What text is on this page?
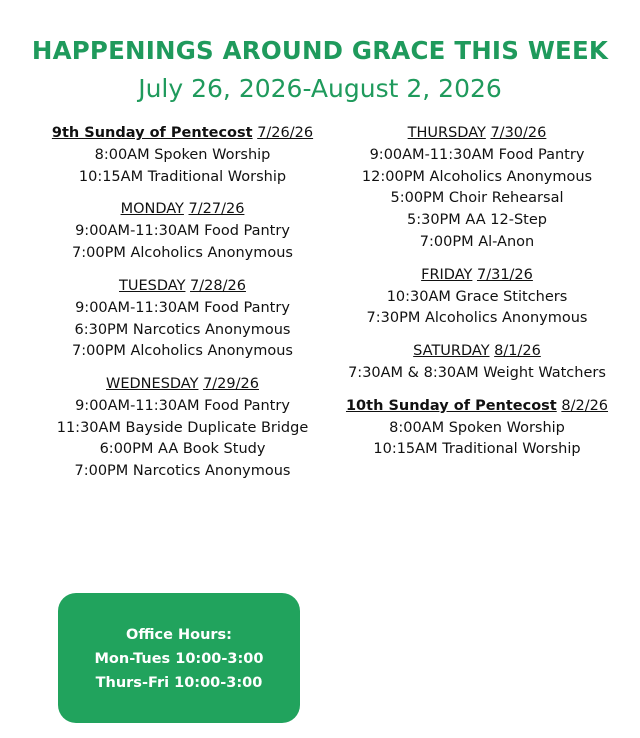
HAPPENINGS AROUND GRACE THIS WEEK
July 26, 2026-August 2, 2026
9th Sunday of Pentecost 7/26/26
8:00AM Spoken Worship
10:15AM Traditional Worship
MONDAY 7/27/26
9:00AM-11:30AM Food Pantry
7:00PM Alcoholics Anonymous
TUESDAY 7/28/26
9:00AM-11:30AM Food Pantry
6:30PM Narcotics Anonymous
7:00PM Alcoholics Anonymous
WEDNESDAY 7/29/26
9:00AM-11:30AM Food Pantry
11:30AM Bayside Duplicate Bridge
6:00PM AA Book Study
7:00PM Narcotics Anonymous
THURSDAY 7/30/26
9:00AM-11:30AM Food Pantry
12:00PM Alcoholics Anonymous
5:00PM Choir Rehearsal
5:30PM AA 12-Step
7:00PM Al-Anon
FRIDAY 7/31/26
10:30AM Grace Stitchers
7:30PM Alcoholics Anonymous
SATURDAY 8/1/26
7:30AM & 8:30AM Weight Watchers
10th Sunday of Pentecost 8/2/26
8:00AM Spoken Worship
10:15AM Traditional Worship
Office Hours:
Mon-Tues 10:00-3:00
Thurs-Fri 10:00-3:00
